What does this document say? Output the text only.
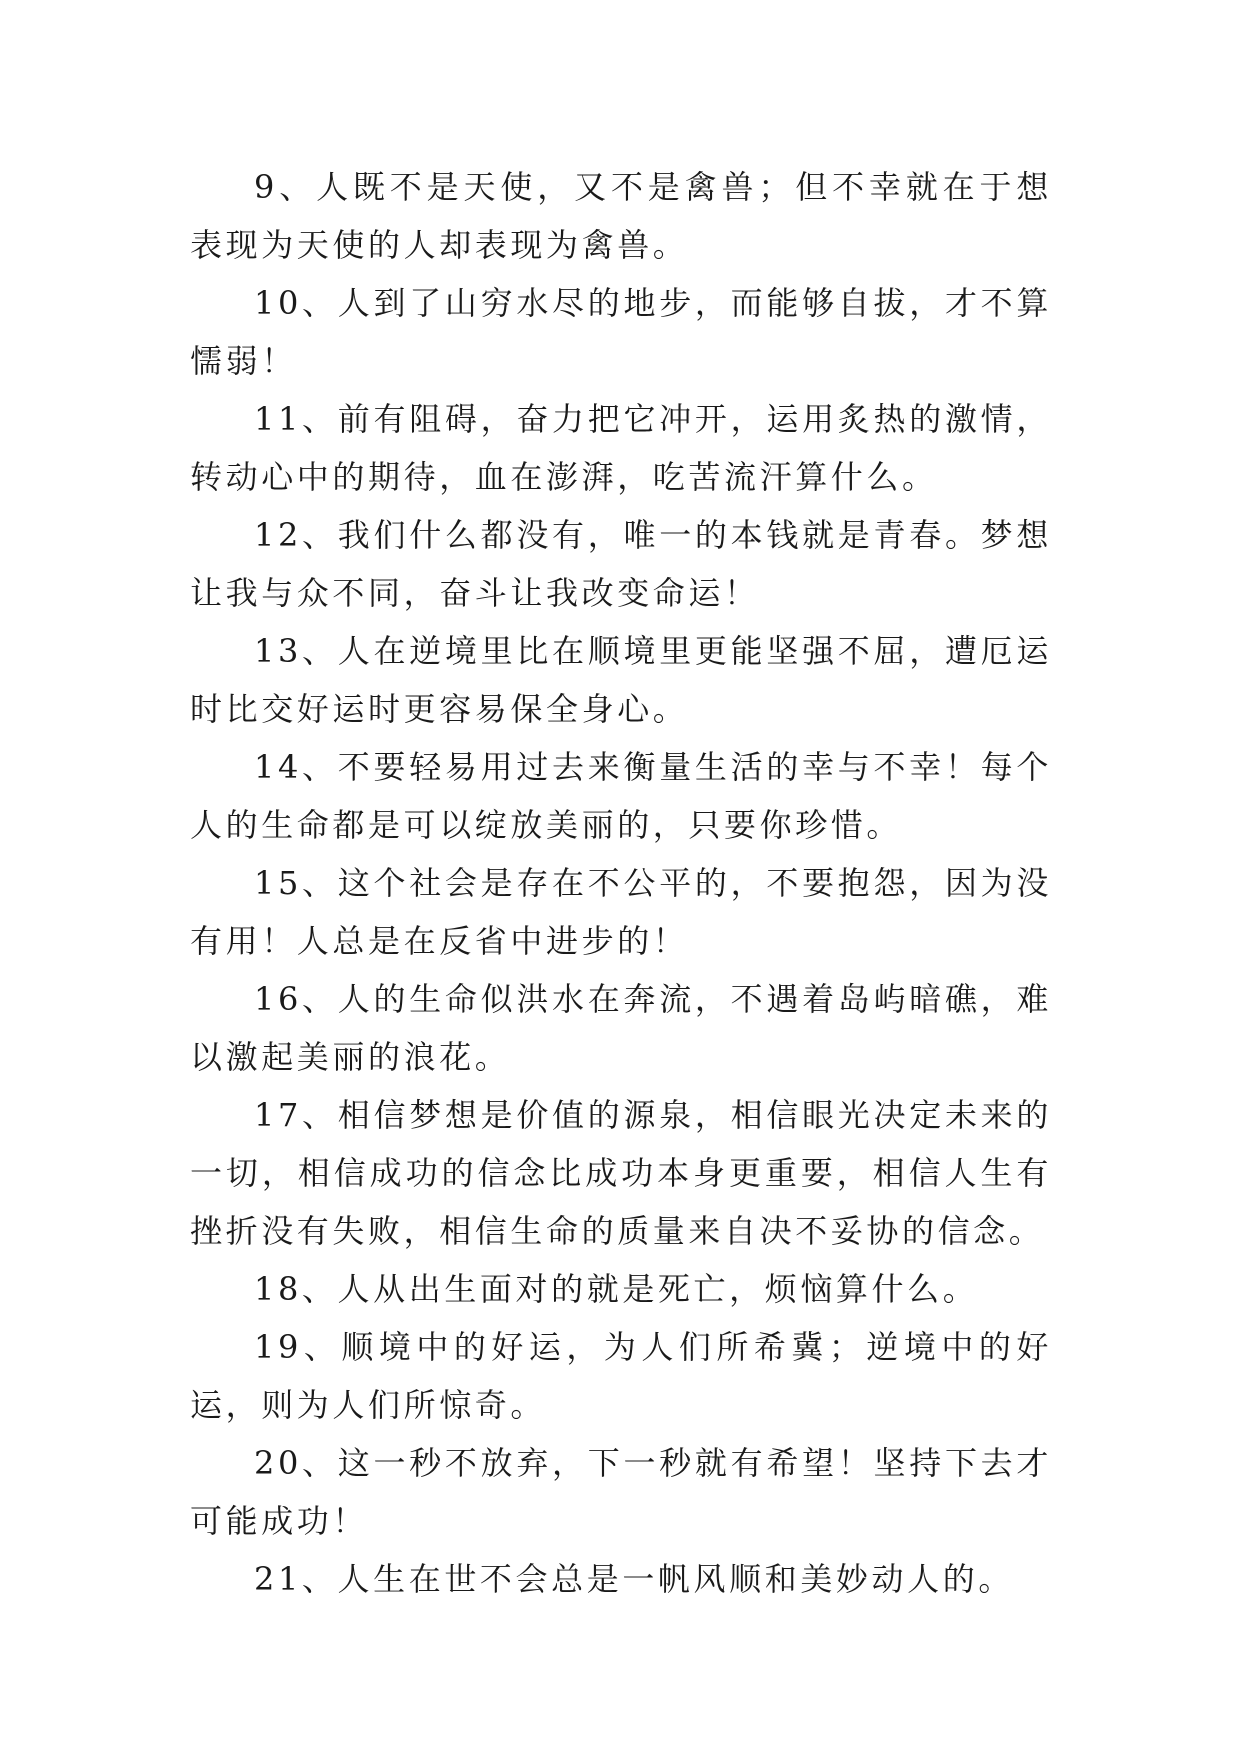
9、人既不是天使，又不是禽兽；但不幸就在于想表现为天使的人却表现为禽兽。

10、人到了山穷水尽的地步，而能够自拔，才不算懦弱！

11、前有阻碍，奋力把它冲开，运用炙热的激情，转动心中的期待，血在澎湃，吃苦流汗算什么。

12、我们什么都没有，唯一的本钱就是青春。梦想让我与众不同，奋斗让我改变命运！

13、人在逆境里比在顺境里更能坚强不屈，遭厄运时比交好运时更容易保全身心。

14、不要轻易用过去来衡量生活的幸与不幸！每个人的生命都是可以绽放美丽的，只要你珍惜。

15、这个社会是存在不公平的，不要抱怨，因为没有用！人总是在反省中进步的！

16、人的生命似洪水在奔流，不遇着岛屿暗礁，难以激起美丽的浪花。

17、相信梦想是价值的源泉，相信眼光决定未来的一切，相信成功的信念比成功本身更重要，相信人生有挫折没有失败，相信生命的质量来自决不妥协的信念。

18、人从出生面对的就是死亡，烦恼算什么。

19、顺境中的好运，为人们所希冀；逆境中的好运，则为人们所惊奇。

20、这一秒不放弃，下一秒就有希望！坚持下去才可能成功！

21、人生在世不会总是一帆风顺和美妙动人的。
